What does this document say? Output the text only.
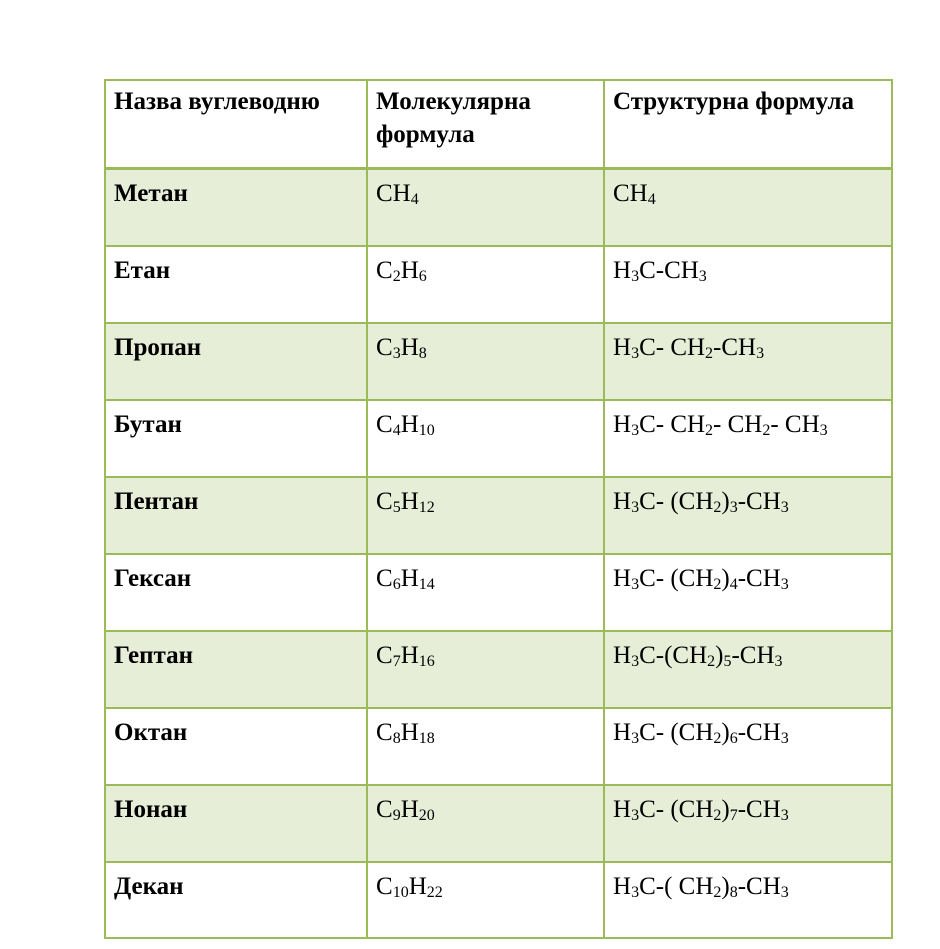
Назва вуглеводню	Молекулярна формула	Структурна формула
Метан	$CH_4$	$CH_4$
Етан	$C_2H_6$	$H_3C-CH_3$
Пропан	$C_3H_8$	$H_3C-$ $CH_2-CH_3$
Бутан	$C_4H_{10}$	$H_3C-$ $CH_2-$ $CH_2-$ $CH_3$
Пентан	$C_5H_{12}$	$H_3C-$ $(CH_2)_3-CH_3$
Гексан	$C_6H_{14}$	$H_3C-$ $(CH_2)_4-CH_3$
Гептан	$C_7H_{16}$	$H_3C-(CH_2)_5-CH_3$
Октан	$C_8H_{18}$	$H_3C-$ $(CH_2)_6-CH_3$
Нонан	$C_9H_{20}$	$H_3C-$ $(CH_2)_7-CH_3$
Декан	$C_{10}H_{22}$	$H_3C-$( $CH_2)_8-CH_3$
